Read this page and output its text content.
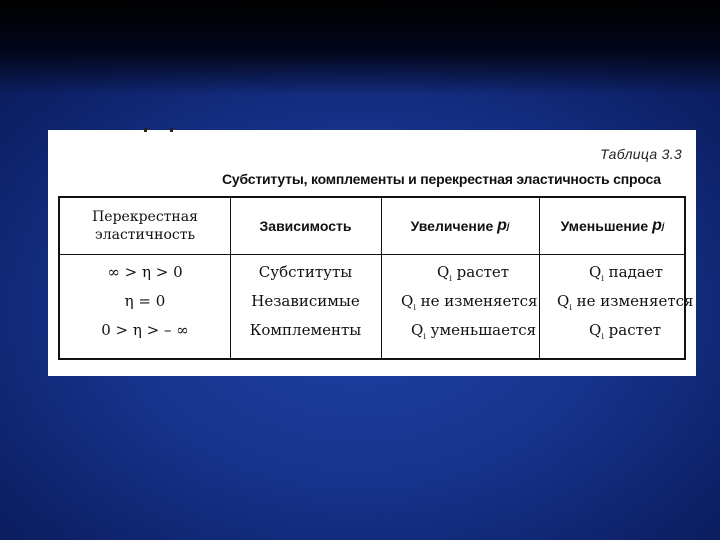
Таблица 3.3
Субституты, комплементы и перекрестная эластичность спроса
Перекрестная
эластичность
Зависимость	Увеличение
p j	Уменьшение
p j
∞ > η > 0
η = 0
0 > η > – ∞
Субституты
Независимые
Комплементы
$Q_i$ растет
$Q_i$ не изменяется
$Q_i$ уменьшается
$Q_i$ падает
$Q_i$ не изменяется
$Q_i$ растет
